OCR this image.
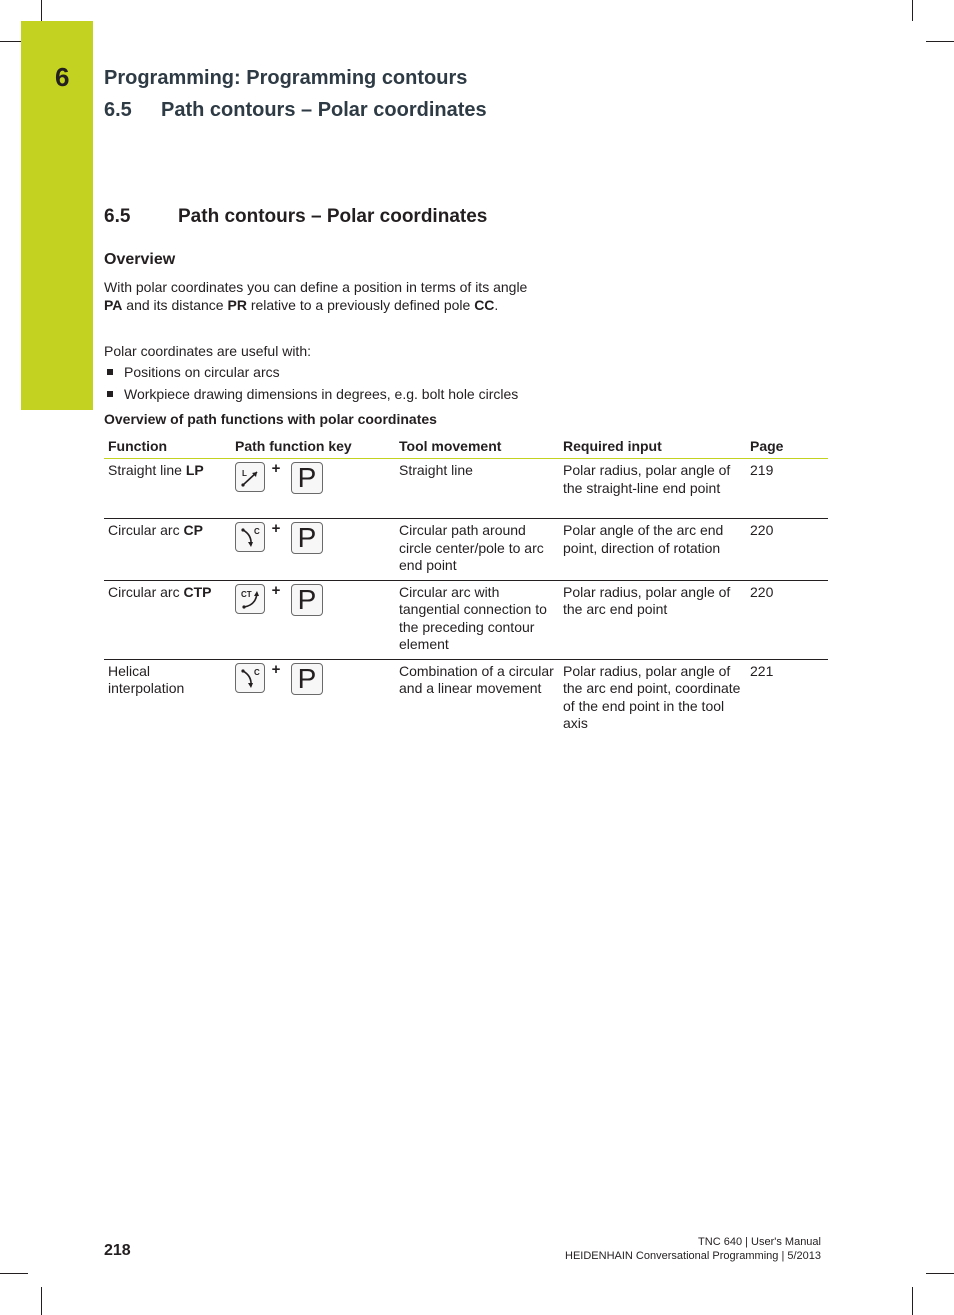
6 Programming: Programming contours
6.5 Path contours – Polar coordinates
6.5	Path contours – Polar coordinates
Overview
With polar coordinates you can define a position in terms of its angle PA and its distance PR relative to a previously defined pole CC.
Polar coordinates are useful with:
Positions on circular arcs
Workpiece drawing dimensions in degrees, e.g. bolt hole circles
Overview of path functions with polar coordinates
Function	Path function key	Tool movement	Required input	Page
Straight line LP	L + P	Straight line	Polar radius, polar angle of the straight-line end point	219
Circular arc CP	C + P	Circular path around circle center/pole to arc end point	Polar angle of the arc end point, direction of rotation	220
Circular arc CTP	CT + P	Circular arc with tangential connection to the preceding contour element	Polar radius, polar angle of the arc end point	220
Helical interpolation	C + P	Combination of a circular and a linear movement	Polar radius, polar angle of the arc end point, coordinate of the end point in the tool axis	221
218	TNC 640 | User's Manual
HEIDENHAIN Conversational Programming | 5/2013
